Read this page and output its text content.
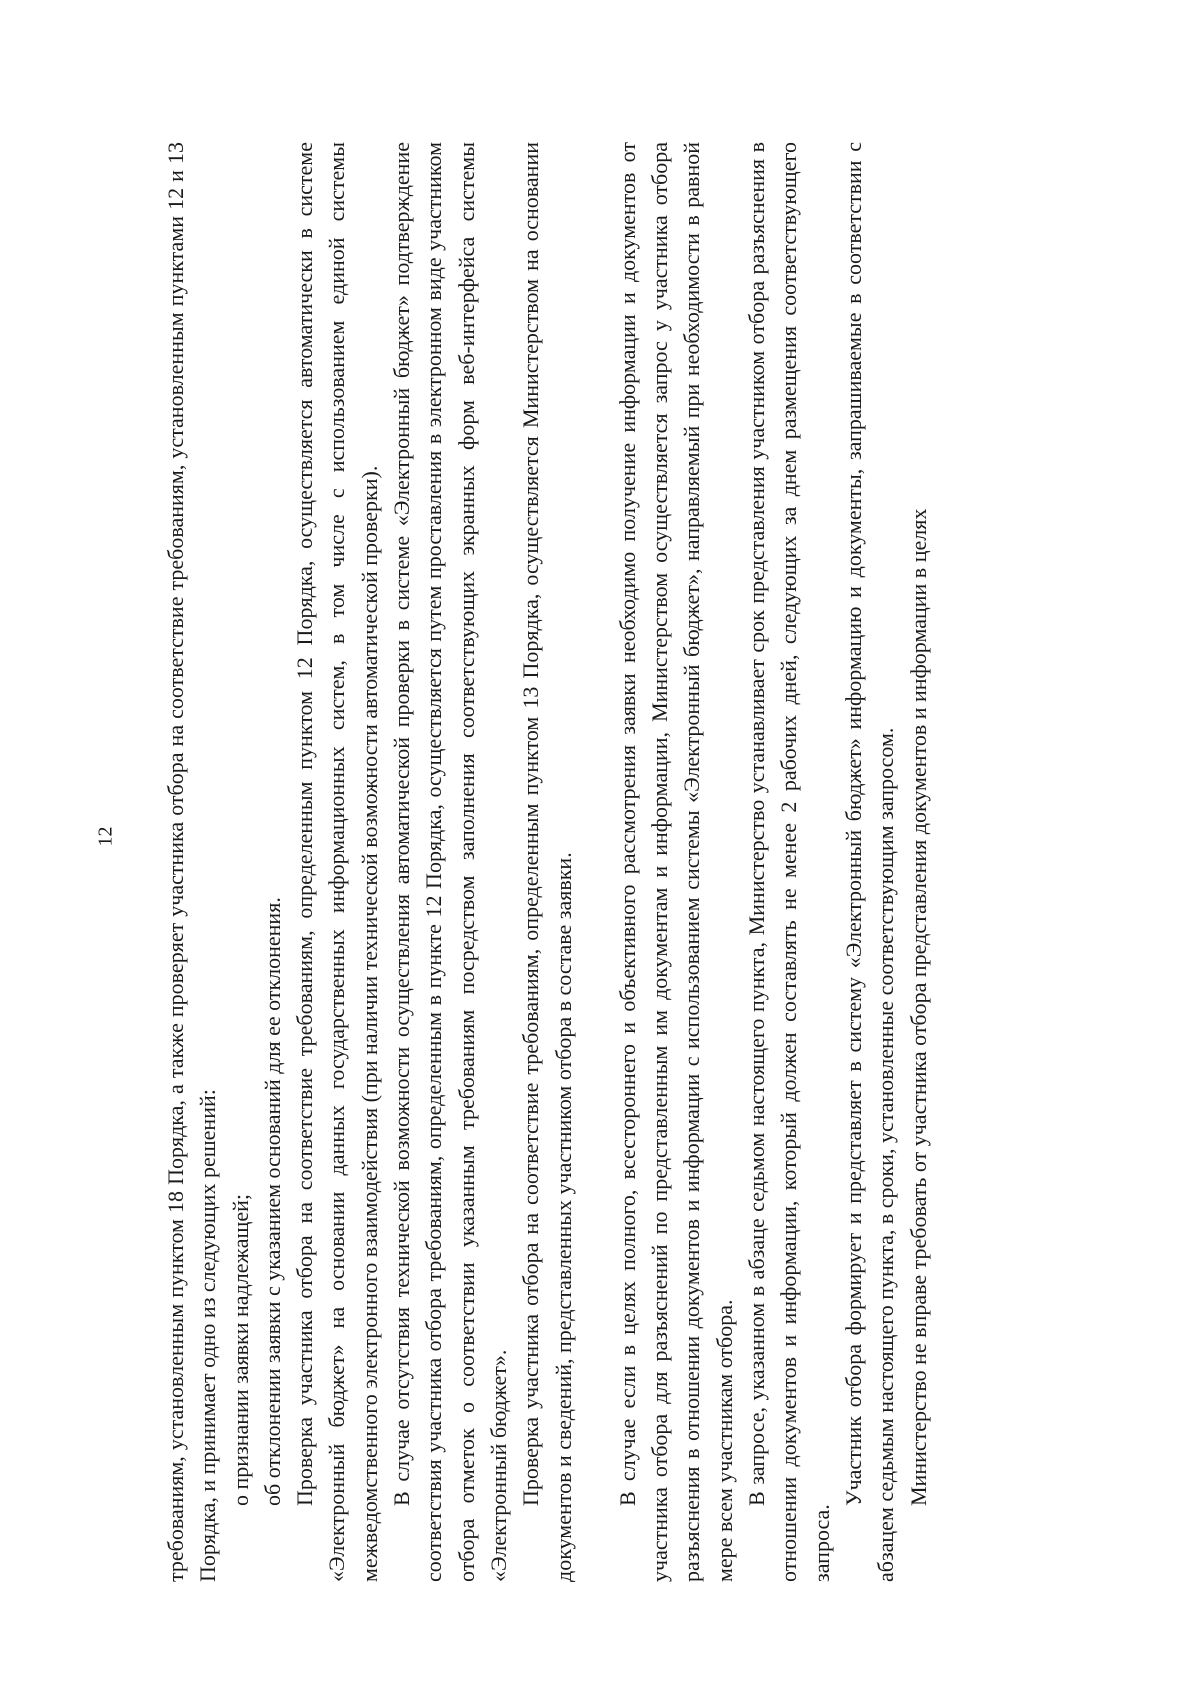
12 требованиям, установленным пунктом 18 Порядка, а также проверяет участника отбора на соответствие требованиям, установленным пунктами 12 и 13 Порядка, и принимает одно из следующих решений: о признании заявки надлежащей; об отклонении заявки с указанием оснований для ее отклонения. Проверка участника отбора на соответствие требованиям, определенным пунктом 12 Порядка, осуществляется автоматически в системе «Электронный бюджет» на основании данных государственных информационных систем, в том числе с использованием единой системы межведомственного электронного взаимодействия (при наличии технической возможности автоматической проверки). В случае отсутствия технической возможности осуществления автоматической проверки в системе «Электронный бюджет» подтверждение соответствия участника отбора требованиям, определенным в пункте 12 Порядка, осуществляется путем проставления в электронном виде участником отбора отметок о соответствии указанным требованиям посредством заполнения соответствующих экранных форм веб-интерфейса системы «Электронный бюджет». Проверка участника отбора на соответствие требованиям, определенным пунктом 13 Порядка, осуществляется Министерством на основании документов и сведений, представленных участником отбора в составе заявки. В случае если в целях полного, всестороннего и объективного рассмотрения заявки необходимо получение информации и документов от участника отбора для разъяснений по представленным им документам и информации, Министерством осуществляется запрос у участника отбора разъяснения в отношении документов и информации с использованием системы «Электронный бюджет», направляемый при необходимости в равной мере всем участникам отбора. В запросе, указанном в абзаце седьмом настоящего пункта, Министерство устанавливает срок представления участником отбора разъяснения в отношении документов и информации, который должен составлять не менее 2 рабочих дней, следующих за днем размещения соответствующего запроса.

Участник отбора формирует и представляет в систему «Электронный бюджет» информацию и документы, запрашиваемые в соответствии с абзацем седьмым настоящего пункта, в сроки, установленные соответствующим запросом. Министерство не вправе требовать от участника отбора представления документов и информации в целях
